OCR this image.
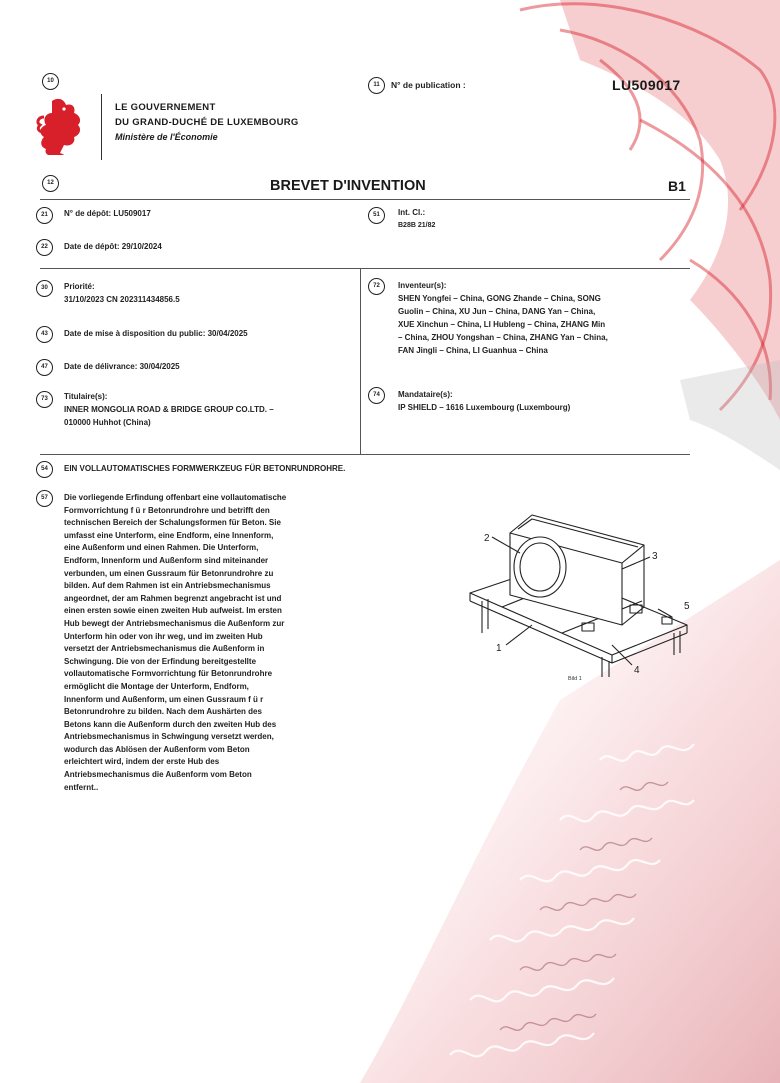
10
LE GOUVERNEMENT
DU GRAND-DUCHÉ DE LUXEMBOURG
Ministère de l'Économie
11	N° de publication :	LU509017
12	BREVET D'INVENTION	B1
21	N° de dépôt: LU509017
22	Date de dépôt: 29/10/2024
51	Int. Cl.:
B28B 21/82
30	Priorité:
31/10/2023 CN 202311434856.5
43	Date de mise à disposition du public: 30/04/2025
47	Date de délivrance: 30/04/2025
73	Titulaire(s):
INNER MONGOLIA ROAD & BRIDGE GROUP CO.LTD. –
010000 Huhhot (China)
72	Inventeur(s):
SHEN Yongfei – China, GONG Zhande – China, SONG
Guolin – China, XU Jun – China, DANG Yan – China,
XUE Xinchun – China, LI Hubleng – China, ZHANG Min
– China, ZHOU Yongshan – China, ZHANG Yan – China,
FAN Jingli – China, LI Guanhua – China
74	Mandataire(s):
IP SHIELD – 1616 Luxembourg (Luxembourg)
54	EIN VOLLAUTOMATISCHES FORMWERKZEUG FÜR BETONRUNDROHRE.
57	Die vorliegende Erfindung offenbart eine vollautomatische
Formvorrichtung f ü r Betonrundrohre und betrifft den
technischen Bereich der Schalungsformen für Beton. Sie
umfasst eine Unterform, eine Endform, eine Innenform,
eine Außenform und einen Rahmen. Die Unterform,
Endform, Innenform und Außenform sind miteinander
verbunden, um einen Gussraum für Betonrundrohre zu
bilden. Auf dem Rahmen ist ein Antriebsmechanismus
angeordnet, der am Rahmen begrenzt angebracht ist und
einen ersten sowie einen zweiten Hub aufweist. Im ersten
Hub bewegt der Antriebsmechanismus die Außenform zur
Unterform hin oder von ihr weg, und im zweiten Hub
versetzt der Antriebsmechanismus die Außenform in
Schwingung. Die von der Erfindung bereitgestellte
vollautomatische Formvorrichtung für Betonrundrohre
ermöglicht die Montage der Unterform, Endform,
Innenform und Außenform, um einen Gussraum f ü r
Betonrundrohre zu bilden. Nach dem Aushärten des
Betons kann die Außenform durch den zweiten Hub des
Antriebsmechanismus in Schwingung versetzt werden,
wodurch das Ablösen der Außenform vom Beton
erleichtert wird, indem der erste Hub des
Antriebsmechanismus die Außenform vom Beton
entfernt..
2
3
1
4
5
Bild 1
